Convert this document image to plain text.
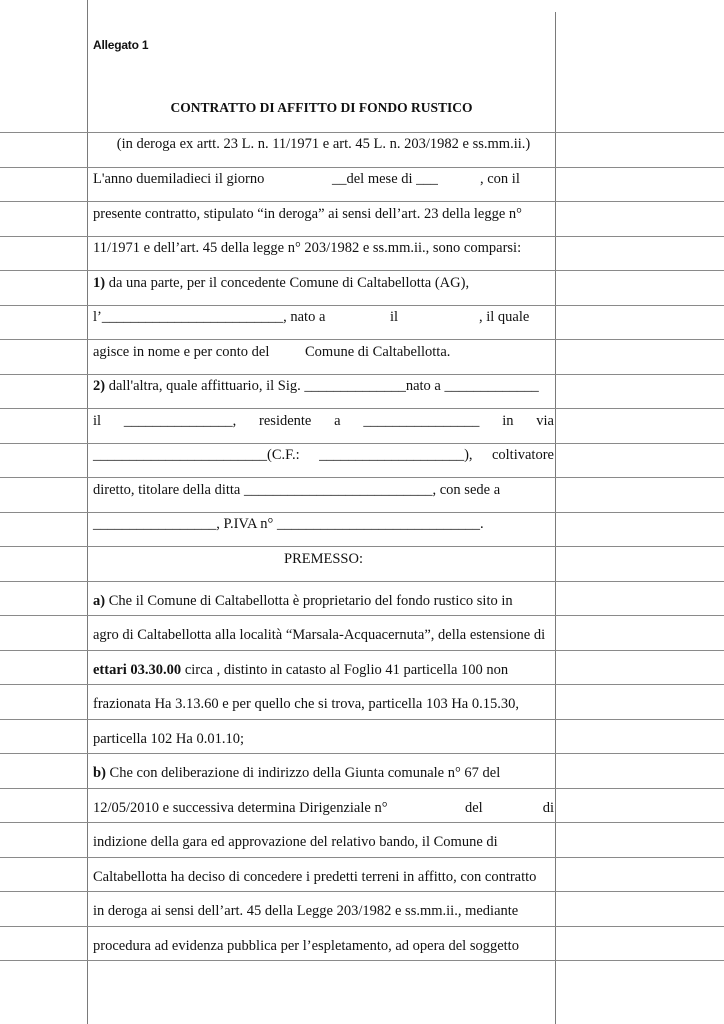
Allegato 1
CONTRATTO DI AFFITTO DI FONDO RUSTICO
(in deroga ex artt. 23 L. n. 11/1971 e art. 45 L. n. 203/1982 e ss.mm.ii.)
L'anno duemiladieci il giorno	__del mese di ___	, con il
presente contratto, stipulato “in deroga” ai sensi dell’art. 23 della legge n°
11/1971 e dell’art. 45 della legge n° 203/1982 e ss.mm.ii., sono comparsi:
1) da una parte, per il concedente Comune di Caltabellotta (AG),
l’_________________________, nato a	il	, il quale
agisce in nome e per conto del Comune di Caltabellotta.
2) dall'altra, quale affittuario, il Sig. ______________nato a _____________
il _______________, residente a ________________ in via
________________________(C.F.: ____________________), coltivatore
diretto, titolare della ditta __________________________, con sede a
_________________, P.IVA n° ____________________________.
PREMESSO:
a) Che il Comune di Caltabellotta è proprietario del fondo rustico sito in
agro di Caltabellotta alla località “Marsala-Acquacernuta”, della estensione di
ettari 03.30.00 circa , distinto in catasto al Foglio 41 particella 100 non
frazionata Ha 3.13.60 e per quello che si trova, particella 103 Ha 0.15.30,
particella 102 Ha 0.01.10;
b) Che con deliberazione di indirizzo della Giunta comunale n° 67 del
12/05/2010 e successiva determina Dirigenziale n°	del	di
indizione della gara ed approvazione del relativo bando, il Comune di
Caltabellotta ha deciso di concedere i predetti terreni in affitto, con contratto
in deroga ai sensi dell’art. 45 della Legge 203/1982 e ss.mm.ii., mediante
procedura ad evidenza pubblica per l’espletamento, ad opera del soggetto
